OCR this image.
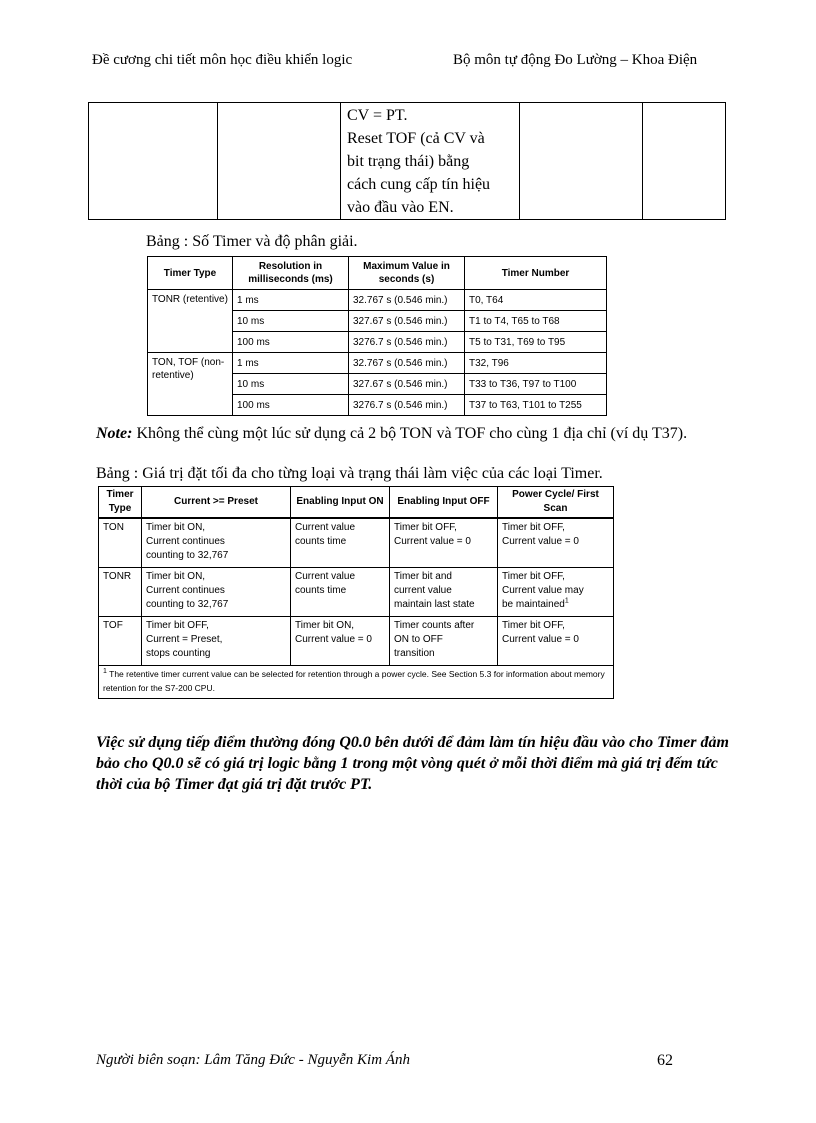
Đề cương chi tiết môn học điều khiển logic	Bộ môn tự động Đo Lường – Khoa Điện

CV = PT.
Reset TOF (cả CV và
bit trạng thái) bằng
cách cung cấp tín hiệu
vào đầu vào EN.

Bảng : Số Timer và độ phân giải.
Timer Type	Resolution in milliseconds (ms)	Maximum Value in seconds (s)	Timer Number
TONR (retentive)	1 ms	32.767 s (0.546 min.)	T0, T64
	10 ms	327.67 s (0.546 min.)	T1 to T4, T65 to T68
	100 ms	3276.7 s (0.546 min.)	T5 to T31, T69 to T95
TON, TOF (non-retentive)	1 ms	32.767 s (0.546 min.)	T32, T96
	10 ms	327.67 s (0.546 min.)	T33 to T36, T97 to T100
	100 ms	3276.7 s (0.546 min.)	T37 to T63, T101 to T255
Note: Không thể cùng một lúc sử dụng cả 2 bộ TON và TOF cho cùng 1 địa chỉ (ví dụ T37).
Bảng : Giá trị đặt tối đa cho từng loại và trạng thái làm việc của các loại Timer.
Timer Type	Current >= Preset	Enabling Input ON	Enabling Input OFF	Power Cycle/ First Scan
TON	Timer bit ON,
Current continues
counting to 32,767	Current value
counts time	Timer bit OFF,
Current value = 0	Timer bit OFF,
Current value = 0
TONR	Timer bit ON,
Current continues
counting to 32,767	Current value
counts time	Timer bit and
current value
maintain last state	Timer bit OFF,
Current value may
be maintained$^1$
TOF	Timer bit OFF,
Current = Preset,
stops counting	Timer bit ON,
Current value = 0	Timer counts after
ON to OFF
transition	Timer bit OFF,
Current value = 0
$^1$ The retentive timer current value can be selected for retention through a power cycle. See Section 5.3 for information about memory retention for the S7-200 CPU.				
Việc sử dụng tiếp điểm thường đóng Q0.0 bên dưới để đảm làm tín hiệu đầu vào cho Timer đảm bảo cho Q0.0 sẽ có giá trị logic bằng 1 trong một vòng quét ở mỗi thời điểm mà giá trị đếm tức thời của bộ Timer đạt giá trị đặt trước PT.
Người biên soạn: Lâm Tăng Đức - Nguyễn Kim Ánh	62
